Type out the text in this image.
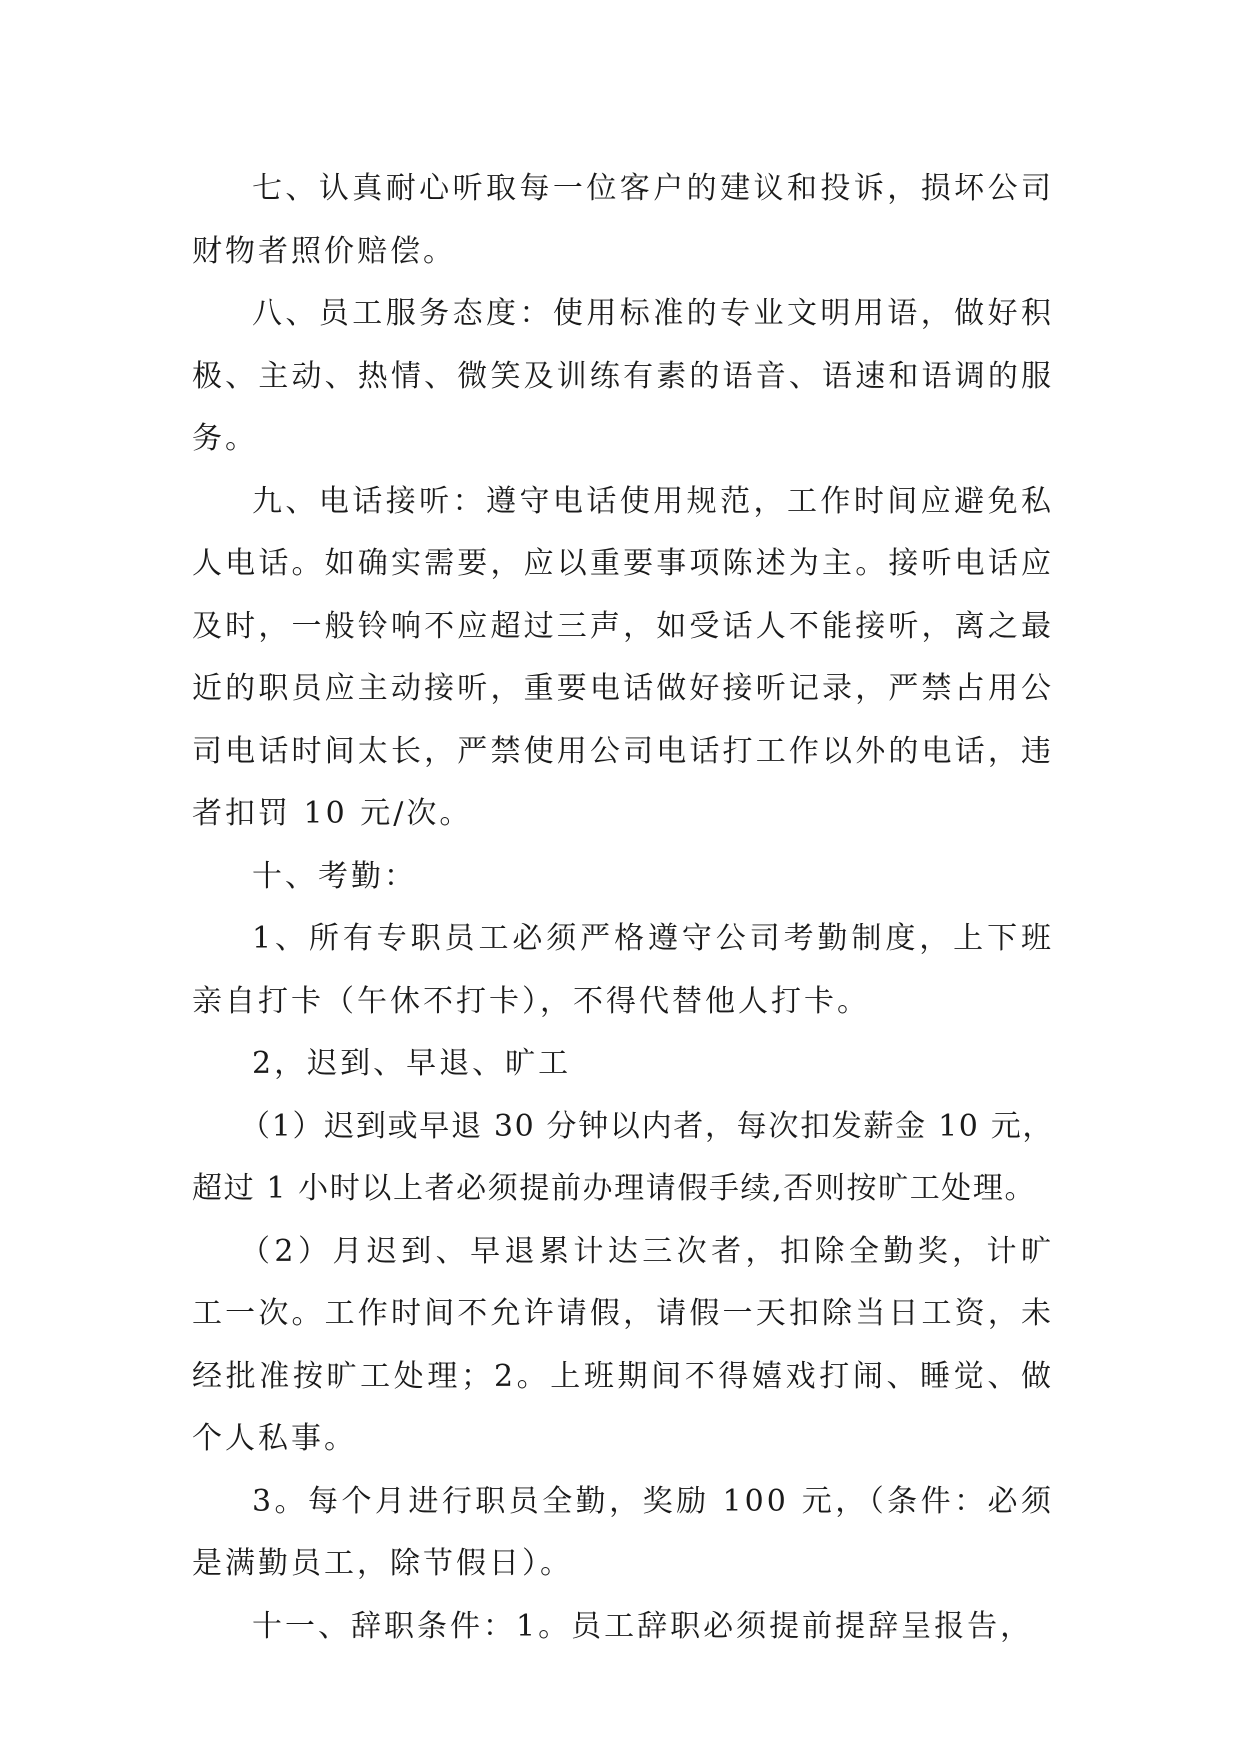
七、认真耐心听取每一位客户的建议和投诉，损坏公司财物者照价赔偿。

八、员工服务态度：使用标准的专业文明用语，做好积极、主动、热情、微笑及训练有素的语音、语速和语调的服务。

九、电话接听：遵守电话使用规范，工作时间应避免私人电话。如确实需要，应以重要事项陈述为主。接听电话应及时，一般铃响不应超过三声，如受话人不能接听，离之最近的职员应主动接听，重要电话做好接听记录，严禁占用公司电话时间太长，严禁使用公司电话打工作以外的电话，违者扣罚 10 元/次。

十、考勤：

1、所有专职员工必须严格遵守公司考勤制度，上下班亲自打卡（午休不打卡），不得代替他人打卡。

2，迟到、早退、旷工

（1）迟到或早退 30 分钟以内者，每次扣发薪金 10 元，超过 1 小时以上者必须提前办理请假手续,否则按旷工处理。

（2）月迟到、早退累计达三次者，扣除全勤奖，计旷工一次。工作时间不允许请假，请假一天扣除当日工资，未经批准按旷工处理；2。上班期间不得嬉戏打闹、睡觉、做个人私事。

3。每个月进行职员全勤，奖励 100 元，（条件：必须是满勤员工，除节假日）。

十一、辞职条件：1。员工辞职必须提前提辞呈报告，
